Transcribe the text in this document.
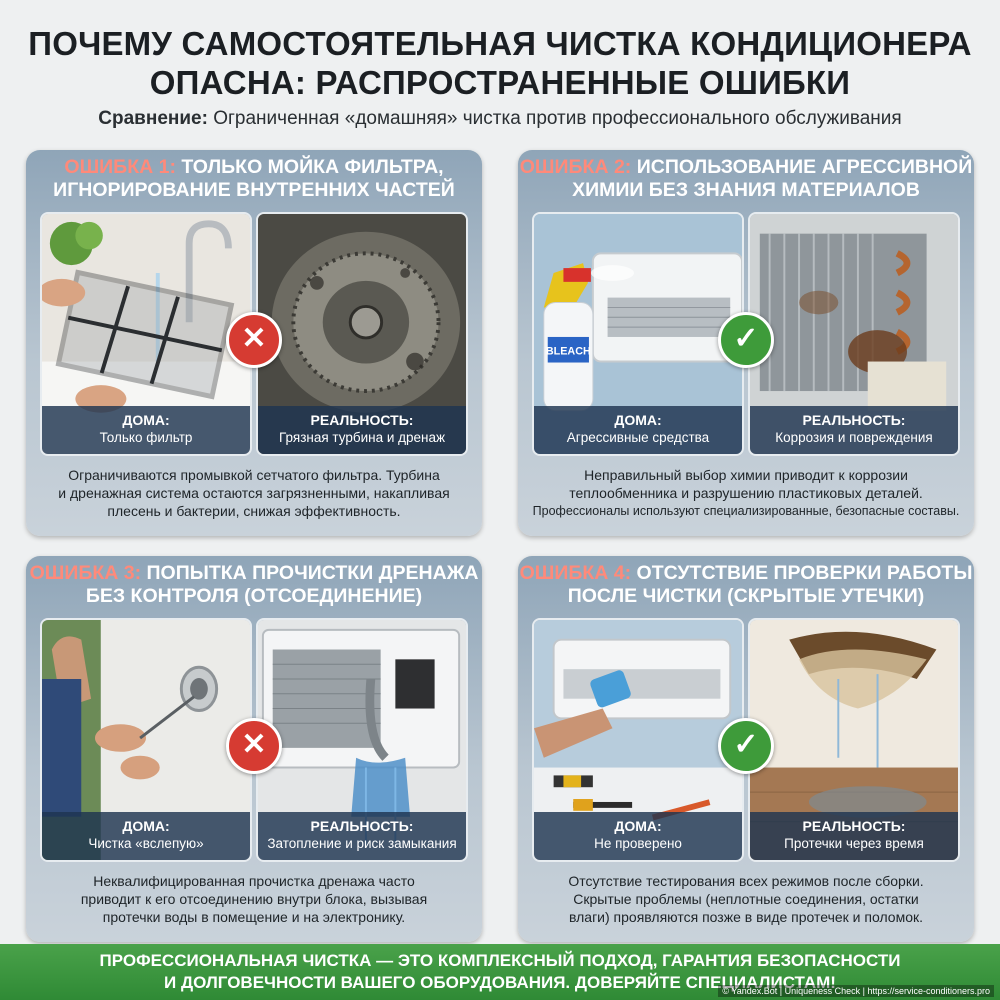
ПОЧЕМУ САМОСТОЯТЕЛЬНАЯ ЧИСТКА КОНДИЦИОНЕРА
ОПАСНА: РАСПРОСТРАНЕННЫЕ ОШИБКИ
Сравнение: Ограниченная «домашняя» чистка против профессионального обслуживания
ОШИБКА 1: ТОЛЬКО МОЙКА ФИЛЬТРА,
ИГНОРИРОВАНИЕ ВНУТРЕННИХ ЧАСТЕЙ
ДОМА:
Только фильтр
РЕАЛЬНОСТЬ:
Грязная турбина и дренаж
✕
Ограничиваются промывкой сетчатого фильтра. Турбина
и дренажная система остаются загрязненными, накапливая
плесень и бактерии, снижая эффективность.
ОШИБКА 2: ИСПОЛЬЗОВАНИЕ АГРЕССИВНОЙ
ХИМИИ БЕЗ ЗНАНИЯ МАТЕРИАЛОВ
BLEACH
ДОМА:
Агрессивные средства
РЕАЛЬНОСТЬ:
Коррозия и повреждения
✓
Неправильный выбор химии приводит к коррозии
теплообменника и разрушению пластиковых деталей.
Профессионалы используют специализированные, безопасные составы.
ОШИБКА 3: ПОПЫТКА ПРОЧИСТКИ ДРЕНАЖА
БЕЗ КОНТРОЛЯ (ОТСОЕДИНЕНИЕ)
ДОМА:
Чистка «вслепую»
РЕАЛЬНОСТЬ:
Затопление и риск замыкания
✕
Неквалифицированная прочистка дренажа часто
приводит к его отсоединению внутри блока, вызывая
протечки воды в помещение и на электронику.
ОШИБКА 4: ОТСУТСТВИЕ ПРОВЕРКИ РАБОТЫ
ПОСЛЕ ЧИСТКИ (СКРЫТЫЕ УТЕЧКИ)
ДОМА:
Не проверено
РЕАЛЬНОСТЬ:
Протечки через время
✓
Отсутствие тестирования всех режимов после сборки.
Скрытые проблемы (неплотные соединения, остатки
влаги) проявляются позже в виде протечек и поломок.
ПРОФЕССИОНАЛЬНАЯ ЧИСТКА — ЭТО КОМПЛЕКСНЫЙ ПОДХОД, ГАРАНТИЯ БЕЗОПАСНОСТИ
И ДОЛГОВЕЧНОСТИ ВАШЕГО ОБОРУДОВАНИЯ. ДОВЕРЯЙТЕ СПЕЦИАЛИСТАМ!
© Yandex.Bot | Uniqueness Check | https://service-conditioners.pro
